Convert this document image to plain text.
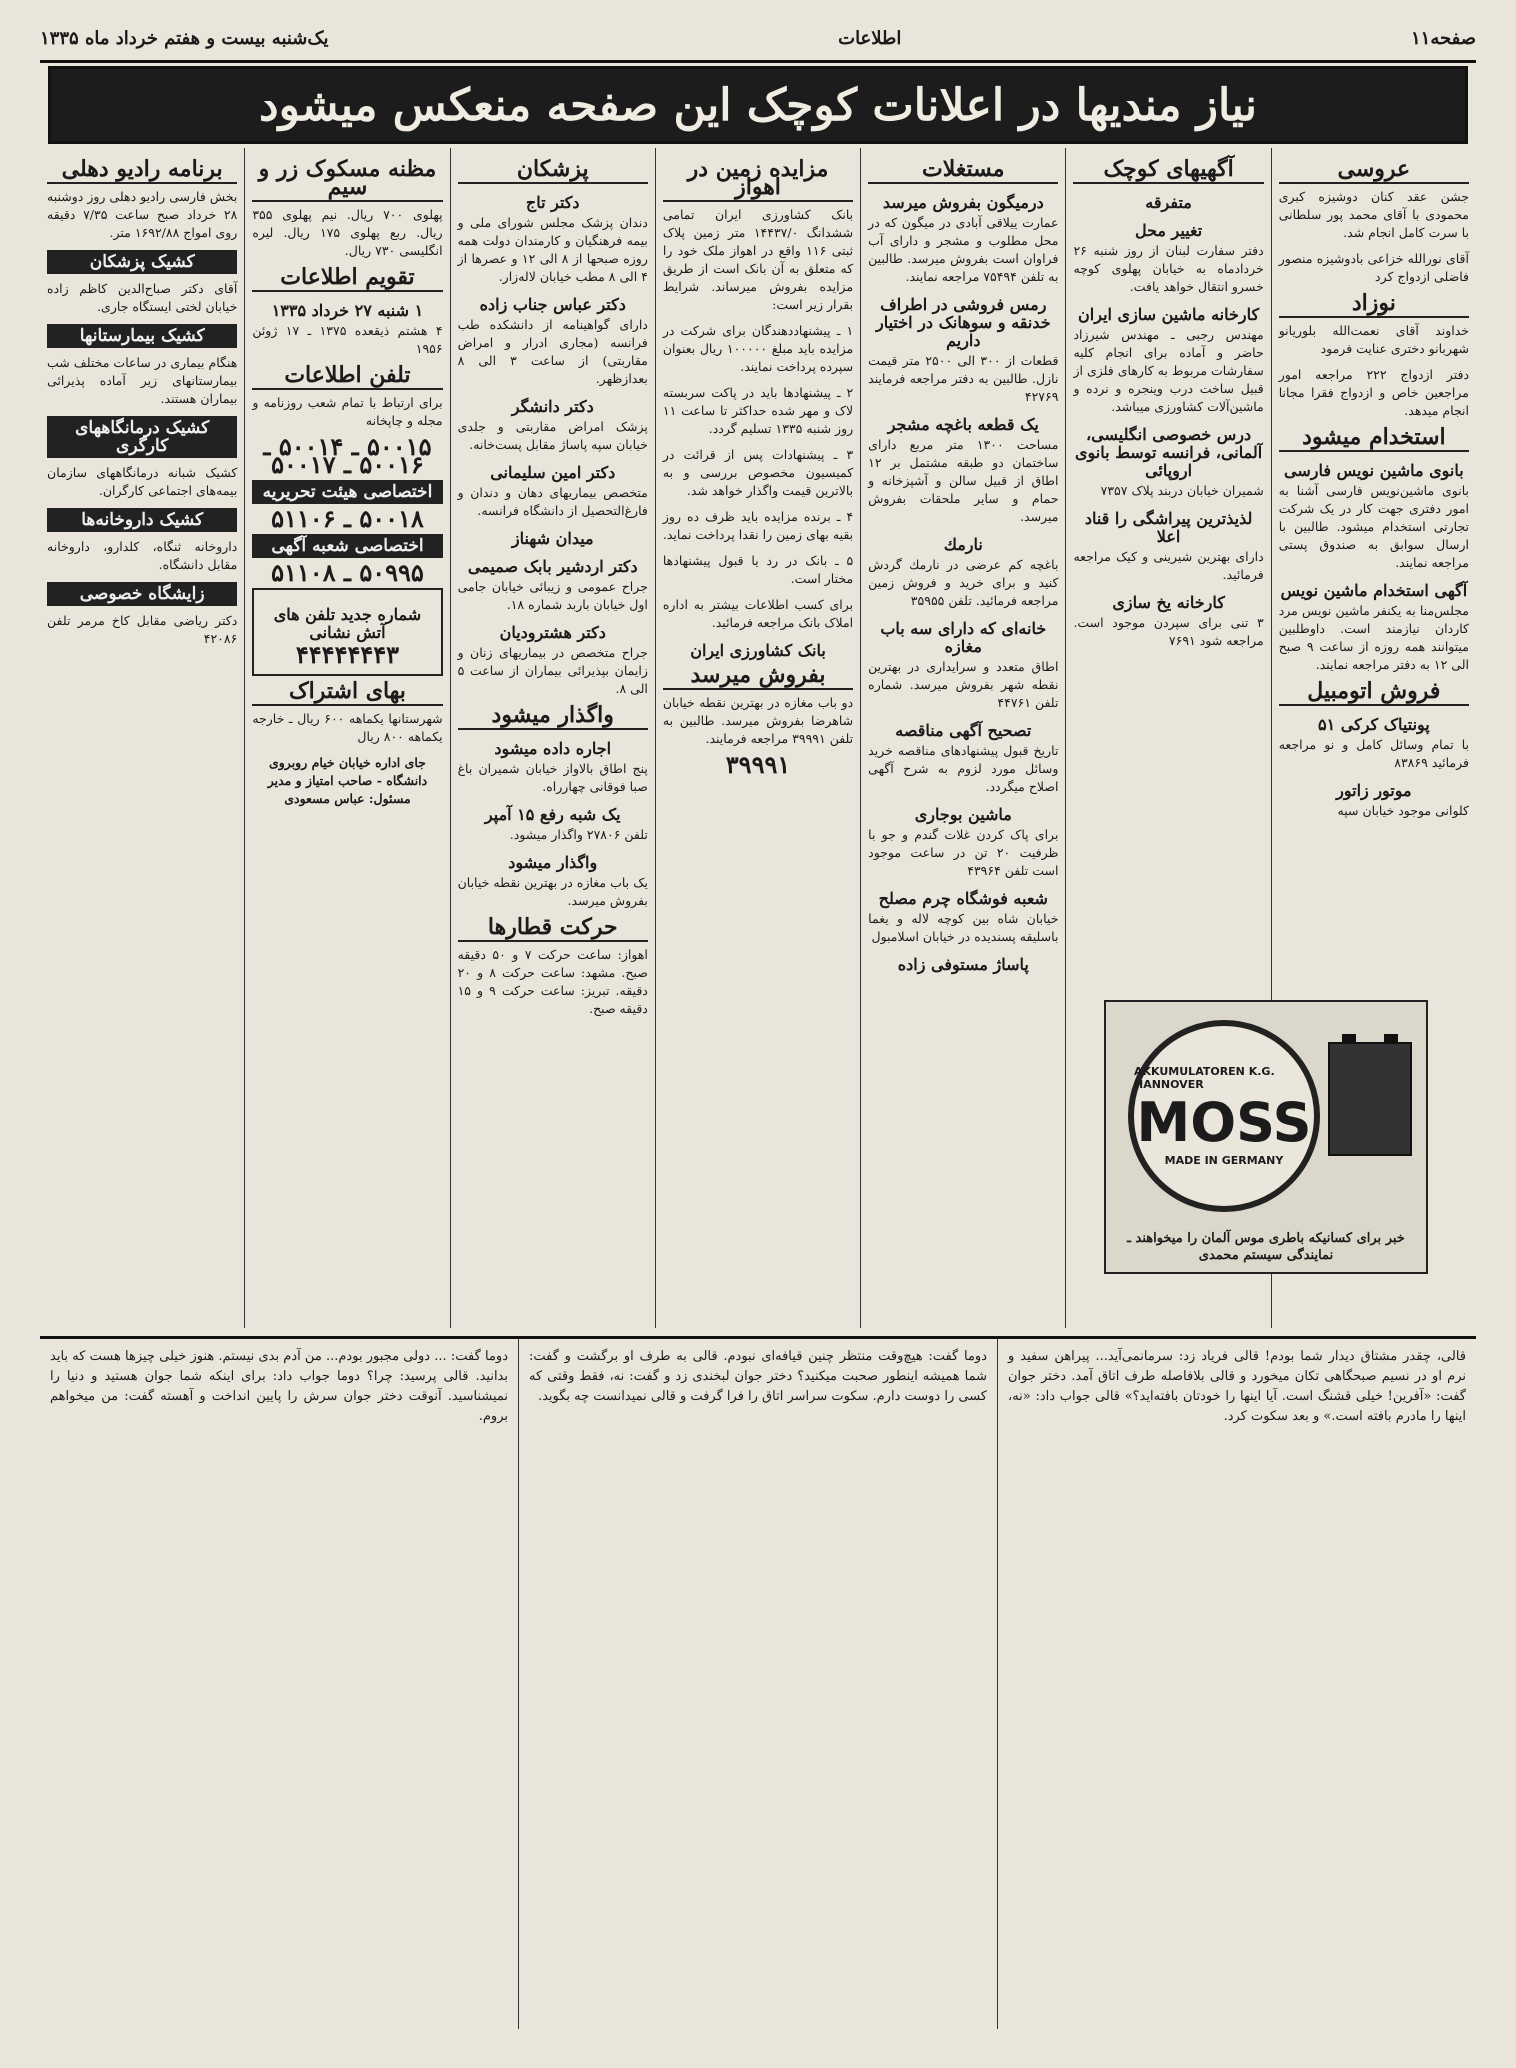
صفحه۱۱
اطلاعات
یک‌شنبه بیست و هفتم خرداد ماه ۱۳۳۵
نیاز مندیها در اعلانات کوچک این صفحه منعکس میشود
عروسی

جشن عقد کنان دوشیزه کبری محمودی با آقای محمد پور سلطانی با سرت کامل انجام شد.

آقای نورالله خزاعی بادوشیزه منصور فاضلی ازدواج کرد

نوزاد

خداوند آقای نعمت‌الله بلوریانو شهربانو دختری عنایت فرمود

دفتر ازدواج ۲۲۲ مراجعه امور مراجعین خاص و ازدواج فقرا مجانا انجام میدهد.

استخدام میشود
بانوی ماشین نویس فارسی

بانوی ماشین‌نویس فارسی آشنا به امور دفتری جهت کار در یک شرکت تجارتی استخدام میشود. طالبین با ارسال سوابق به صندوق پستی مراجعه نمایند.

آگهی استخدام ماشین نویس

مجلس‌منا به یکنفر ماشین نویس مرد کاردان نیازمند است. داوطلبین میتوانند همه روزه از ساعت ۹ صبح الی ۱۲ به دفتر مراجعه نمایند.

فروش اتومبیل
پونتیاک کرکی ۵۱

با تمام وسائل کامل و نو مراجعه فرمائید ۸۳۸۶۹

موتور زاتور

کلوانی موجود خیابان سپه

آگهیهای کوچک
متفرقه
تغییر محل

دفتر سفارت لبنان از روز شنبه ۲۶ خردادماه به خیابان پهلوی کوچه خسرو انتقال خواهد یافت.

کارخانه ماشین سازی ایران

مهندس رجبی ـ مهندس شیرزاد حاضر و آماده برای انجام کلیه سفارشات مربوط به کارهای فلزی از قبیل ساخت درب وینجره و نرده و ماشین‌آلات کشاورزی میباشد.

درس خصوصی انگلیسی، آلمانی، فرانسه توسط بانوی اروپائی

شمیران خیابان دربند پلاک ۷۳۵۷

لذیذترین پیراشگی را قناد اعلا

دارای بهترین شیرینی و کیک مراجعه فرمائید.

کارخانه یخ سازی

۳ تنی برای سپردن موجود است. مراجعه شود ۷۶۹۱

مستغلات
درمیگون بفروش میرسد

عمارت ییلاقی آبادی در میگون که در محل مطلوب و مشجر و دارای آب فراوان است بفروش میرسد. طالبین به تلفن ۷۵۴۹۴ مراجعه نمایند.

رمس فروشی در اطراف خدنقه و سوهانک در اختیار داریم

قطعات از ۳۰۰ الی ۲۵۰۰ متر قیمت نازل. طالبین به دفتر مراجعه فرمایند ۴۲۷۶۹

یک قطعه باغچه مشجر

مساحت ۱۳۰۰ متر مربع دارای ساختمان دو طبقه مشتمل بر ۱۲ اطاق از قبیل سالن و آشپزخانه و حمام و سایر ملحقات بفروش میرسد.

نارمك

باغچه کم عرضی در نارمك گردش کنید و برای خرید و فروش زمین مراجعه فرمائید. تلفن ۳۵۹۵۵

خانه‌ای که دارای سه باب مغازه

اطاق متعدد و سرایداری در بهترین نقطه شهر بفروش میرسد. شماره تلفن ۴۴۷۶۱

تصحیح آگهی مناقصه

تاریخ قبول پیشنهادهای مناقصه خرید وسائل مورد لزوم به شرح آگهی اصلاح میگردد.

ماشین بوجاری

برای پاک کردن غلات گندم و جو با ظرفیت ۲۰ تن در ساعت موجود است تلفن ۴۳۹۶۴

شعبه فوشگاه چرم مصلح

خیابان شاه بین کوچه لاله و یغما باسلیقه پسندیده در خیابان اسلامبول

پاساژ مستوفی زاده
مزایده زمین در اهواز

بانک کشاورزی ایران تمامی ششدانگ ۱۴۴۳۷/۰ متر زمین پلاک ثبتی ۱۱۶ واقع در اهواز ملک خود را که متعلق به آن بانک است از طریق مزایده بفروش میرساند. شرایط بقرار زیر است:

۱ ـ پیشنهاددهندگان برای شرکت در مزایده باید مبلغ ۱۰۰۰۰۰ ریال بعنوان سپرده پرداخت نمایند.

۲ ـ پیشنهادها باید در پاکت سربسته لاک و مهر شده حداکثر تا ساعت ۱۱ روز شنبه ۱۳۳۵ تسلیم گردد.

۳ ـ پیشنهادات پس از قرائت در کمیسیون مخصوص بررسی و به بالاترین قیمت واگذار خواهد شد.

۴ ـ برنده مزایده باید ظرف ده روز بقیه بهای زمین را نقدا پرداخت نماید.

۵ ـ بانک در رد یا قبول پیشنهادها مختار است.

برای کسب اطلاعات بیشتر به اداره املاک بانک مراجعه فرمائید.

بانک کشاورزی ایران
بفروش میرسد

دو باب مغازه در بهترین نقطه خیابان شاهرضا بفروش میرسد. طالبین به تلفن ۳۹۹۹۱ مراجعه فرمایند.

۳۹۹۹۱
پزشکان
دکتر تاج

دندان پزشک مجلس شورای ملی و بیمه فرهنگیان و کارمندان دولت همه روزه صبحها از ۸ الی ۱۲ و عصرها از ۴ الی ۸ مطب خیابان لاله‌زار.

دکتر عباس جناب زاده

دارای گواهینامه از دانشکده طب فرانسه (مجاری ادرار و امراض مقاربتی) از ساعت ۳ الی ۸ بعدازظهر.

دکتر دانشگر

پزشک امراض مقاربتی و جلدی خیابان سپه پاساژ مقابل پست‌خانه.

دکتر امین سلیمانی

متخصص بیماریهای دهان و دندان و فارغ‌التحصیل از دانشگاه فرانسه.

میدان شهناز
دکتر اردشیر بابک صمیمی

جراح عمومی و زیبائی خیابان جامی اول خیابان باربد شماره ۱۸.

دکتر هشترودیان

جراح متخصص در بیماریهای زنان و زایمان بپذیرائی بیماران از ساعت ۵ الی ۸.

واگذار میشود
اجاره داده میشود

پنج اطاق بالاواز خیابان شمیران باغ صبا فوقانی چهارراه.

یک شبه رفع ۱۵ آمپر

تلفن ۲۷۸۰۶ واگذار میشود.

واگذار میشود

یک باب مغازه در بهترین نقطه خیابان بفروش میرسد.

حرکت قطارها

اهواز: ساعت حرکت ۷ و ۵۰ دقیقه صبح. مشهد: ساعت حرکت ۸ و ۲۰ دقیقه. تبریز: ساعت حرکت ۹ و ۱۵ دقیقه صبح.

مظنه مسکوک زر و سیم

پهلوی ۷۰۰ ریال. نیم پهلوی ۳۵۵ ریال. ربع پهلوی ۱۷۵ ریال. لیره انگلیسی ۷۳۰ ریال.

تقویم اطلاعات
۱ شنبه ۲۷ خرداد ۱۳۳۵

۴ هشتم ذیقعده ۱۳۷۵ ـ ۱۷ ژوئن ۱۹۵۶

تلفن اطلاعات

برای ارتباط با تمام شعب روزنامه و مجله و چاپخانه

۵۰۰۱۵ ـ ۵۰۰۱۴ ـ ۵۰۰۱۶ ـ ۵۰۰۱۷
اختصاصی هیئت تحریریه
۵۰۰۱۸ ـ ۵۱۱۰۶
اختصاصی شعبه آگهی
۵۰۹۹۵ ـ ۵۱۱۰۸
شماره جدید تلفن های آتش نشانی
۴۴۴۴۴۴۴۳
بهای اشتراک

شهرستانها یکماهه ۶۰۰ ریال ـ خارجه یکماهه ۸۰۰ ریال

جای اداره خیابان خیام روبروی دانشگاه - صاحب امتیاز و مدیر مسئول: عباس مسعودی

برنامه رادیو دهلی

بخش فارسی رادیو دهلی روز دوشنبه ۲۸ خرداد صبح ساعت ۷/۳۵ دقیقه روی امواج ۱۶۹۲/۸۸ متر.

کشیک پزشکان

آقای دکتر صباح‌الدین کاظم زاده خیابان لختی ایستگاه جاری.

کشیک بیمارستانها

هنگام بیماری در ساعات مختلف شب بیمارستانهای زیر آماده پذیرائی بیماران هستند.

کشیک درمانگاههای کارگری

کشیک شبانه درمانگاههای سازمان بیمه‌های اجتماعی کارگران.

کشیک داروخانه‌ها

داروخانه ثنگاه، کلدارو، داروخانه مقابل دانشگاه.

زایشگاه خصوصی

دکتر ریاضی مقابل کاخ مرمر تلفن ۴۲۰۸۶

AKKUMULATOREN K.G. HANNOVER
MOSS
MADE IN GERMANY
خبر برای کسانیکه باطری موس آلمان را میخواهند ـ نمایندگی سیستم محمدی
قالی، چقدر مشتاق دیدار شما بودم! قالی فریاد زد: سرمانمی‌آید... پیراهن سفید و نرم او در نسیم صبحگاهی تکان میخورد و قالی بلافاصله طرف اتاق آمد. دختر جوان گفت: «آفرین! خیلی قشنگ است. آیا اینها را خودتان بافته‌اید؟» قالی جواب داد: «نه، اینها را مادرم بافته است.» و بعد سکوت کرد.
دوما گفت: هیچ‌وقت منتظر چنین قیافه‌ای نبودم. قالی به طرف او برگشت و گفت: شما همیشه اینطور صحبت میکنید؟ دختر جوان لبخندی زد و گفت: نه، فقط وقتی که کسی را دوست دارم. سکوت سراسر اتاق را فرا گرفت و قالی نمیدانست چه بگوید.
دوما گفت: ... دولی مجبور بودم... من آدم بدی نیستم. هنوز خیلی چیزها هست که باید بدانید. قالی پرسید: چرا؟ دوما جواب داد: برای اینکه شما جوان هستید و دنیا را نمیشناسید. آنوقت دختر جوان سرش را پایین انداخت و آهسته گفت: من میخواهم بروم.
